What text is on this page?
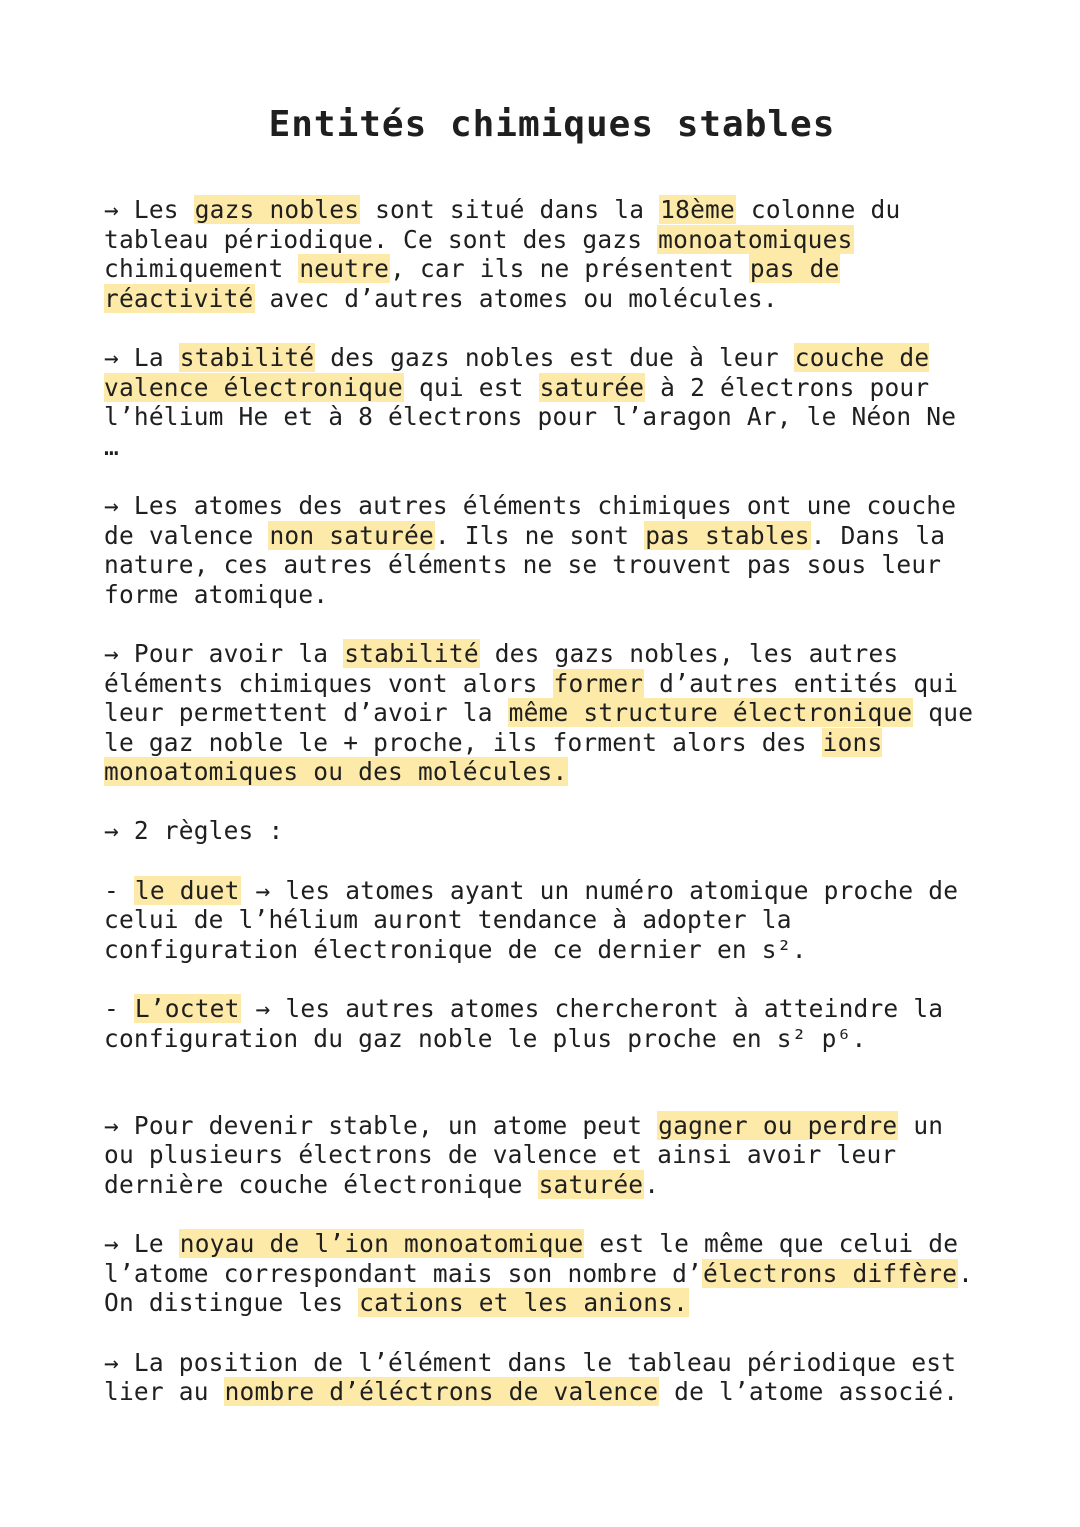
Entités chimiques stables

→ Les gazs nobles sont situé dans la 18ème colonne du tableau périodique. Ce sont des gazs monoatomiques chimiquement neutre, car ils ne présentent pas de réactivité avec d’autres atomes ou molécules.

→ La stabilité des gazs nobles est due à leur couche de valence électronique qui est saturée à 2 électrons pour l’hélium He et à 8 électrons pour l’aragon Ar, le Néon Ne …

→ Les atomes des autres éléments chimiques ont une couche de valence non saturée. Ils ne sont pas stables. Dans la nature, ces autres éléments ne se trouvent pas sous leur forme atomique.

→ Pour avoir la stabilité des gazs nobles, les autres éléments chimiques vont alors former d’autres entités qui leur permettent d’avoir la même structure électronique que le gaz noble le + proche, ils forment alors des ions monoatomiques ou des molécules.

→ 2 règles :

- le duet → les atomes ayant un numéro atomique proche de celui de l’hélium auront tendance à adopter la configuration électronique de ce dernier en s².

- L’octet → les autres atomes chercheront à atteindre la configuration du gaz noble le plus proche en s² p⁶.

→ Pour devenir stable, un atome peut gagner ou perdre un ou plusieurs électrons de valence et ainsi avoir leur dernière couche électronique saturée.

→ Le noyau de l’ion monoatomique est le même que celui de l’atome correspondant mais son nombre d’électrons diffère. On distingue les cations et les anions.

→ La position de l’élément dans le tableau périodique est lier au nombre d’éléctrons de valence de l’atome associé.
